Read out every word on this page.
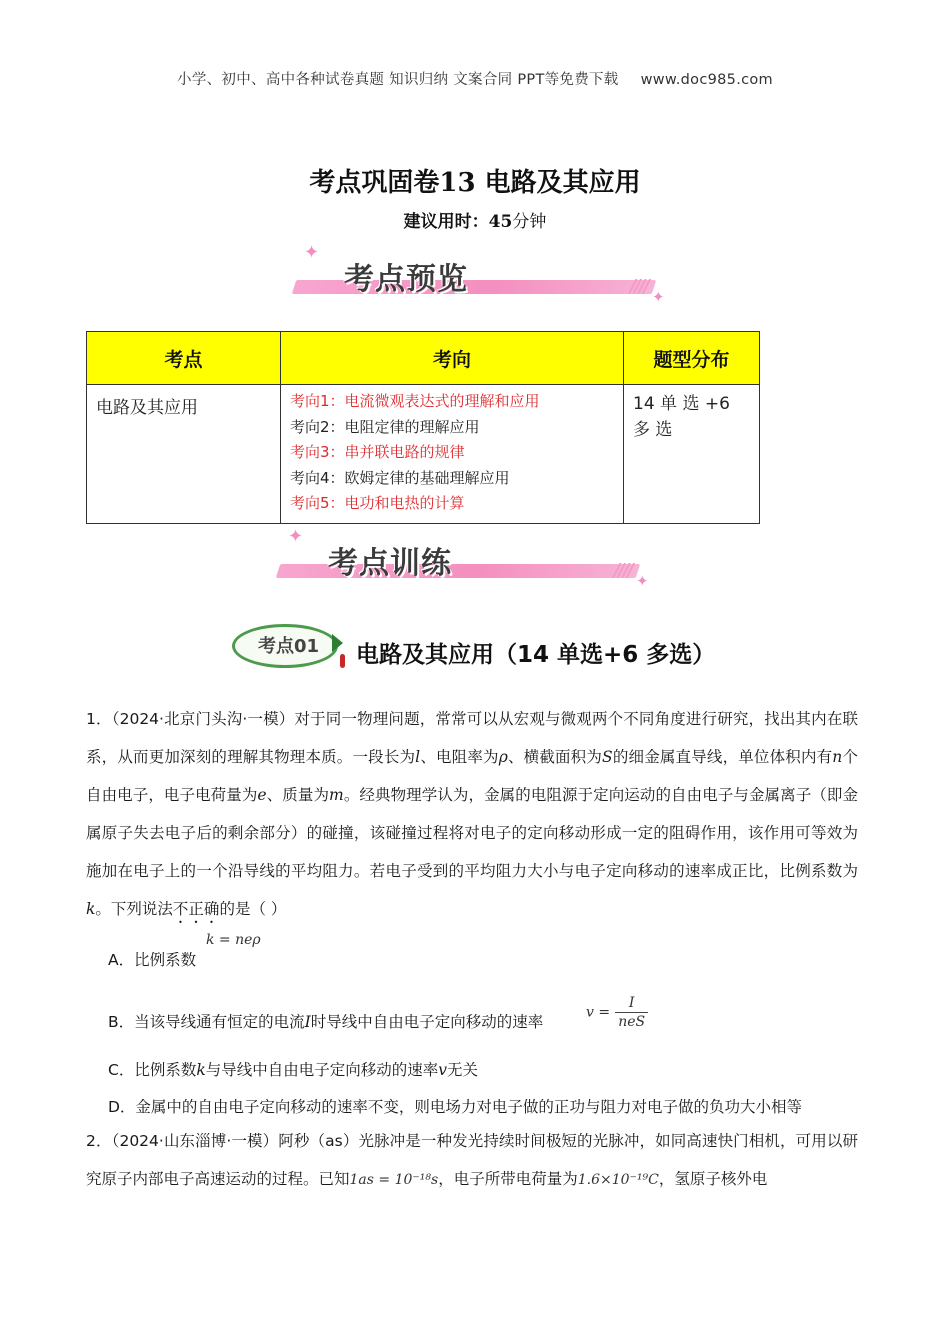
小学、初中、高中各种试卷真题 知识归纳 文案合同 PPT等免费下载 www.doc985.com
考点巩固卷13 电路及其应用
建议用时：45分钟
✦
//// ✦
考点预览
考点	考向	题型分布
电路及其应用	考向1：电流微观表达式的理解和应用
考向2：电阻定律的理解应用
考向3：串并联电路的规律
考向4：欧姆定律的基础理解应用
考向5：电功和电热的计算	14 单 选 +6 多 选
✦
//// ✦
考点训练
考点01 电路及其应用（14 单选+6 多选）
1．（2024·北京门头沟·一模）对于同一物理问题，常常可以从宏观与微观两个不同角度进行研究，找出其内在联系，从而更加深刻的理解其物理本质。一段长为l、电阻率为ρ、横截面积为S的细金属直导线，单位体积内有n个自由电子，电子电荷量为e、质量为m。经典物理学认为，金属的电阻源于定向运动的自由电子与金属离子（即金属原子失去电子后的剩余部分）的碰撞，该碰撞过程将对电子的定向移动形成一定的阻碍作用，该作用可等效为施加在电子上的一个沿导线的平均阻力。若电子受到的平均阻力大小与电子定向移动的速率成正比，比例系数为k。下列说法不正确的是（ ）
A．比例系数
k = neρ
B．当该导线通有恒定的电流I时导线中自由电子定向移动的速率
$v = \frac{I}{\text{neS}}$
C．比例系数k与导线中自由电子定向移动的速率v无关
D．金属中的自由电子定向移动的速率不变，则电场力对电子做的正功与阻力对电子做的负功大小相等
2．（2024·山东淄博·一模）阿秒（as）光脉冲是一种发光持续时间极短的光脉冲，如同高速快门相机，可用以研究原子内部电子高速运动的过程。已知1as = 10⁻¹⁸s，电子所带电荷量为1.6×10⁻¹⁹C，氢原子核外电
